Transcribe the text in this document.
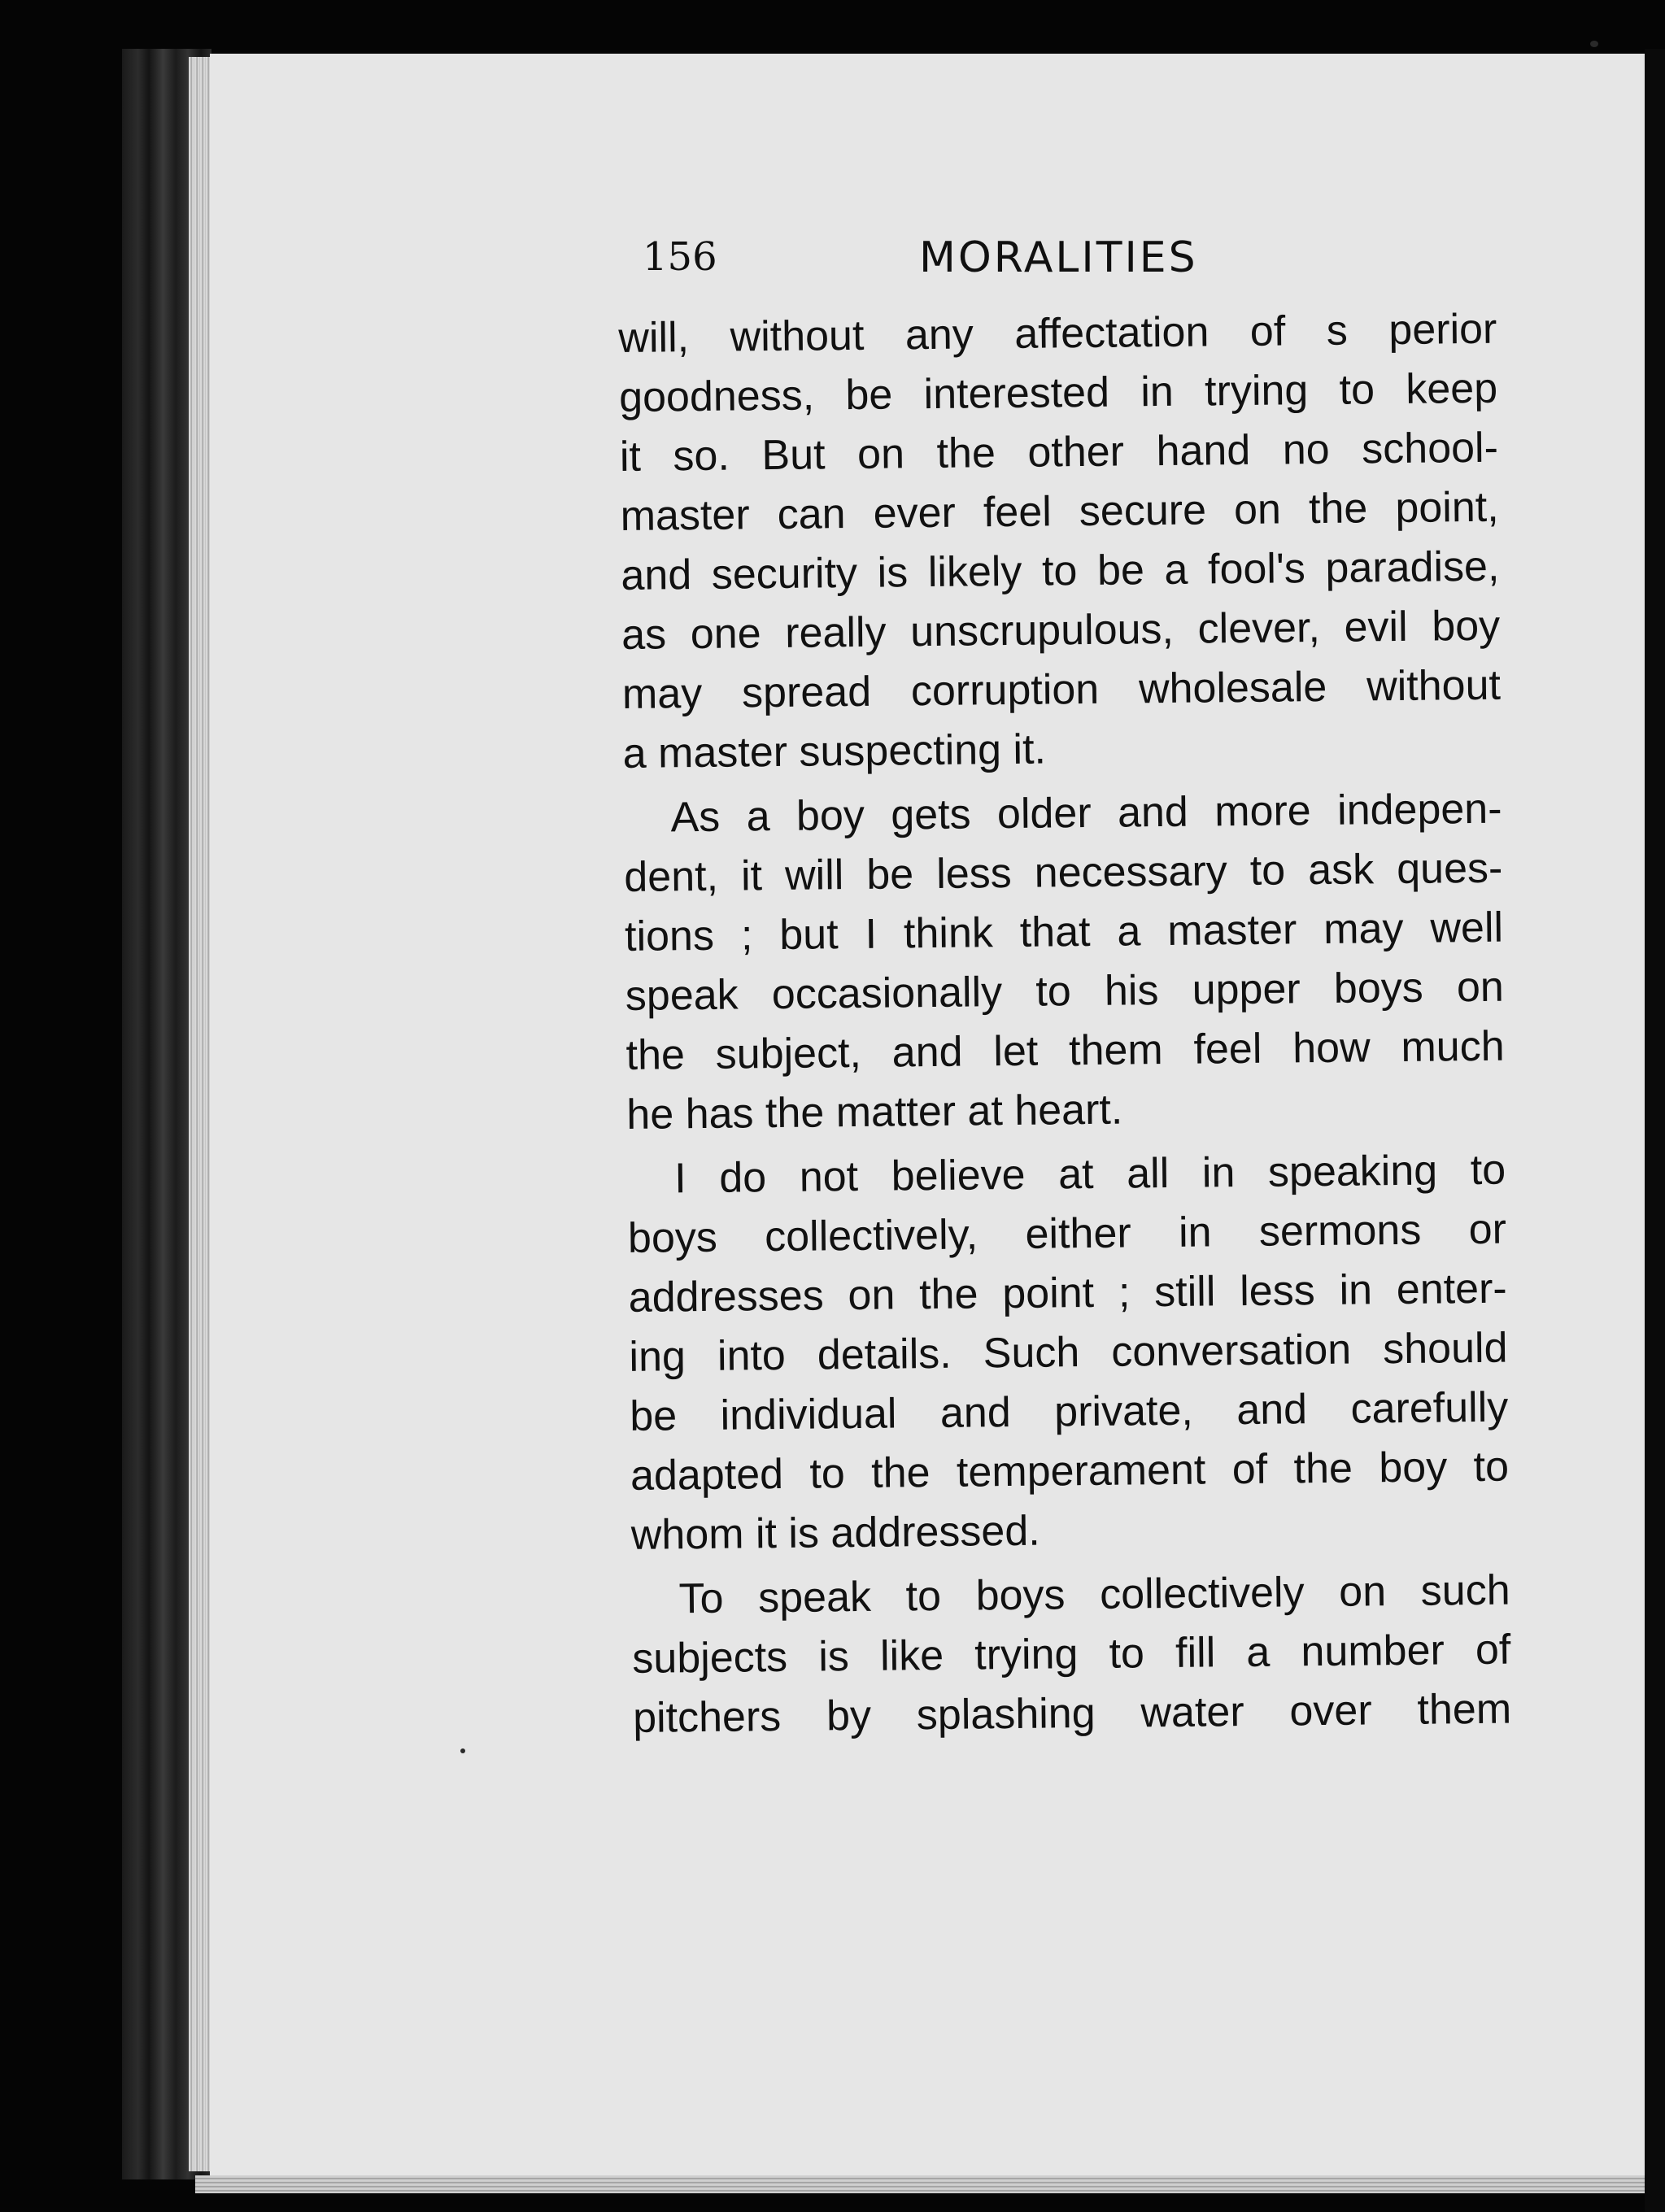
156	MORALITIES
will, without any affectation of s perior
goodness, be interested in trying to keep
it so. But on the other hand no school-
master can ever feel secure on the point,
and security is likely to be a fool's paradise,
as one really unscrupulous, clever, evil boy
may spread corruption wholesale without
a master suspecting it.
As a boy gets older and more indepen-
dent, it will be less necessary to ask ques-
tions ; but I think that a master may well
speak occasionally to his upper boys on
the subject, and let them feel how much
he has the matter at heart.
I do not believe at all in speaking to
boys collectively, either in sermons or
addresses on the point ; still less in enter-
ing into details. Such conversation should
be individual and private, and carefully
adapted to the temperament of the boy to
whom it is addressed.
To speak to boys collectively on such
subjects is like trying to fill a number of
pitchers by splashing water over them
